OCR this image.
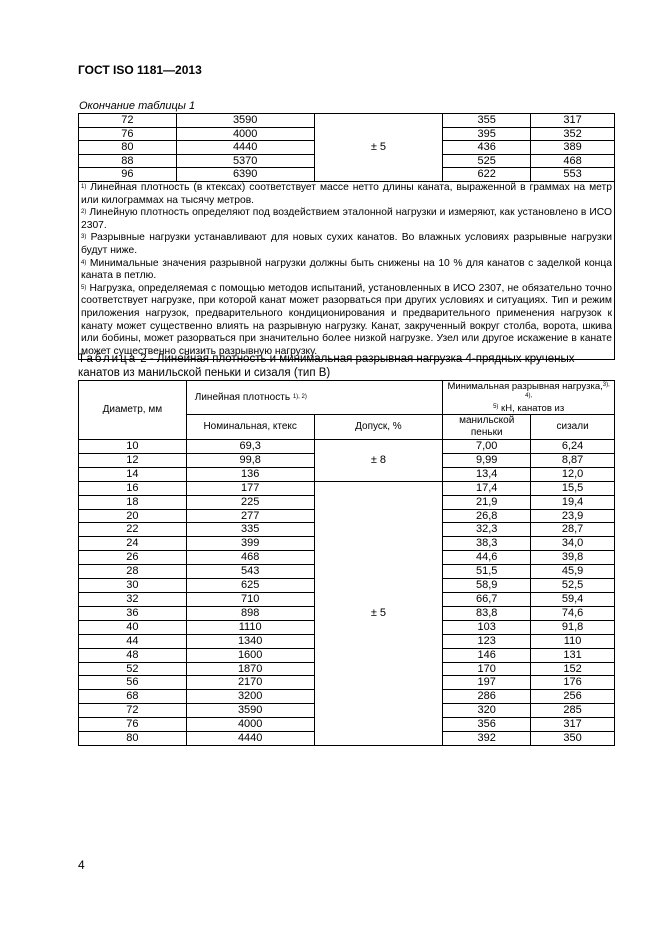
ГОСТ ISO 1181—2013
Окончание таблицы 1
72	3590	± 5	355	317
76	4000		395	352
80	4440		436	389
88	5370		525	468
96	6390		622	553

$^{1)}$ Линейная плотность (в ктексах) соответствует массе нетто длины каната, выраженной в граммах на метр или килограммах на тысячу метров.

$^{2)}$ Линейную плотность определяют под воздействием эталонной нагрузки и измеряют, как установлено в ИСО 2307.

$^{3)}$ Разрывные нагрузки устанавливают для новых сухих канатов. Во влажных условиях разрывные нагрузки будут ниже.

$^{4)}$ Минимальные значения разрывной нагрузки должны быть снижены на 10 % для канатов с заделкой конца каната в петлю.

$^{5)}$ Нагрузка, определяемая с помощью методов испытаний, установленных в ИСО 2307, не обязательно точно соответствует нагрузке, при которой канат может разорваться при других условиях и ситуациях. Тип и режим приложения нагрузок, предварительного кондиционирования и предварительного применения нагрузок к канату может существенно влиять на разрывную нагрузку. Канат, закрученный вокруг столба, ворота, шкива или бобины, может разорваться при значительно более низкой нагрузке. Узел или другое искажение в канате может существенно снизить разрывную нагрузку.				

Таблица 2 - Линейная плотность и минимальная разрывная нагрузка 4-прядных крученых канатов из манильской пеньки и сизаля (тип В)
Диаметр, мм	Линейная плотность $^{1), 2)}$		Минимальная разрывная нагрузка,$^{3), 4),}$
$^{5)}$ кН, канатов из	
	Номинальная, ктекс	Допуск, %	манильской пеньки	сизали
10	69,3	± 8	7,00	6,24
12	99,8		9,99	8,87
14	136		13,4	12,0
16	177	± 5	17,4	15,5
18	225		21,9	19,4
20	277		26,8	23,9
22	335		32,3	28,7
24	399		38,3	34,0
26	468		44,6	39,8
28	543		51,5	45,9
30	625		58,9	52,5
32	710		66,7	59,4
36	898		83,8	74,6
40	1110		103	91,8
44	1340		123	110
48	1600		146	131
52	1870		170	152
56	2170		197	176
68	3200		286	256
72	3590		320	285
76	4000		356	317
80	4440		392	350
4
